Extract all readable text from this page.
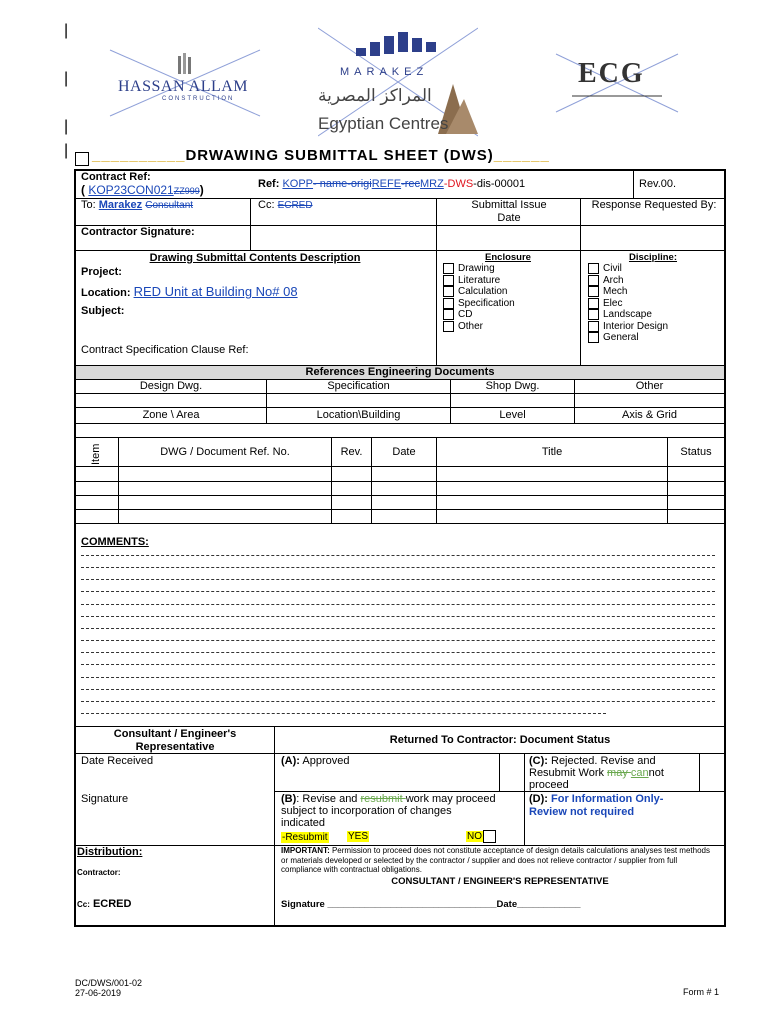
|
|
|
|
HASSAN ALLAM
CONSTRUCTION
MARAKEZ
المراكز المصرية
Egyptian Centres
ECG
__________DRWAWING SUBMITTAL SHEET (DWS)______
Contract Ref:
( KOP23CON021ZZ999)	Ref: KOPP- name-origiREFE-recMRZ-DWS-dis-00001	Rev.00.
To: Marakez Consultant	Cc: ECRED	Submittal Issue Date
Response Requested By:
Contractor Signature:
Drawing Submittal Contents Description
Project:
Location: RED Unit at Building No# 08
Subject:
Contract Specification Clause Ref:
Enclosure
Drawing
Literature
Calculation
Specification
CD
Other
Discipline:
Civil
Arch
Mech
Elec
Landscape
Interior Design
General
References Engineering Documents
Design Dwg.	Specification	Shop Dwg.	Other
Zone \ Area	Location\Building	Level	Axis & Grid
Item	DWG / Document Ref. No.	Rev.	Date	Title	Status
COMMENTS:
Consultant / Engineer's Representative
Returned To Contractor: Document Status
Date Received
Signature
(A): Approved	(C): Rejected. Revise and Resubmit Work may cannot proceed
(B): Revise and resubmit work may proceed subject to incorporation of changes indicated
-Resubmit YES	NO
(D): For Information Only- Review not required
Distribution:
Contractor:
Cc: ECRED
IMPORTANT: Permission to proceed does not constitute acceptance of design details calculations analyses test methods or materials developed or selected by the contractor / supplier and does not relieve contractor / supplier from full compliance with contractual obligations.
CONSULTANT / ENGINEER'S REPRESENTATIVE
Signature ________________________________Date____________
DC/DWS/001-02
27-06-2019	Form # 1
